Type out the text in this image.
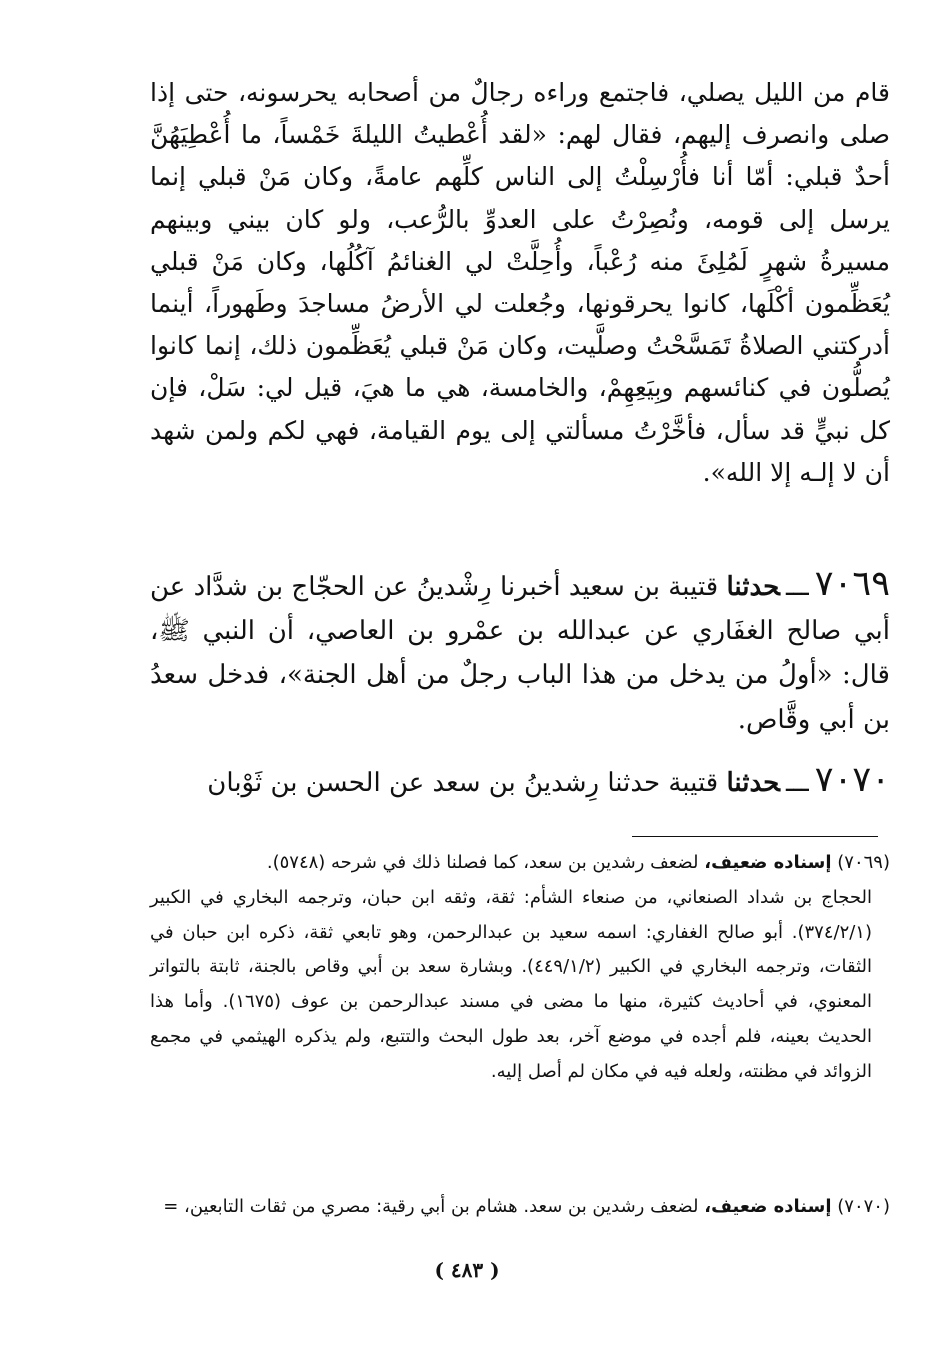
قام من الليل يصلي، فاجتمع وراءه رجالٌ من أصحابه يحرسونه، حتى إذا صلى وانصرف إليهم، فقال لهم: «لقد أُعْطيتُ الليلةَ خَمْساً، ما أُعْطِيَهُنَّ أحدٌ قبلي: أمّا أنا فأُرْسِلْتُ إلى الناس كلِّهم عامةً، وكان مَنْ قبلي إنما يرسل إلى قومه، ونُصِرْتُ على العدوِّ بالرُّعب، ولو كان بيني وبينهم مسيرةُ شهرٍ لَمُلِئَ منه رُعْباً، وأُحِلَّتْ لي الغنائمُ آكُلُها، وكان مَنْ قبلي يُعَظِّمون أكْلَها، كانوا يحرقونها، وجُعلت لي الأرضُ مساجدَ وطَهوراً، أينما أدركتني الصلاةُ تَمَسَّحْتُ وصلَّيت، وكان مَنْ قبلي يُعَظِّمون ذلك، إنما كانوا يُصلُّون في كنائسهم وبِيَعِهِمْ، والخامسة، هي ما هيَ، قيل لي: سَلْ، فإن كل نبيٍّ قد سأل، فأخَّرْتُ مسألتي إلى يوم القيامة، فهي لكم ولمن شهد أن لا إلـه إلا الله».

٧٠٦٩ـــحدثنا قتيبة بن سعيد أخبرنا رِشْدينُ عن الحجّاج بن شدَّاد عن أبي صالح الغفَاري عن عبدالله بن عمْرو بن العاصي، أن النبي ﷺ، قال: «أولُ من يدخل من هذا الباب رجلٌ من أهل الجنة»، فدخل سعدُ بن أبي وقَّاص.

٧٠٧٠ـــحدثنا قتيبة حدثنا رِشدينُ بن سعد عن الحسن بن ثَوْبان

(٧٠٦٩) إسناده ضعيف، لضعف رشدين بن سعد، كما فصلنا ذلك في شرحه (٥٧٤٨).

الحجاج بن شداد الصنعاني، من صنعاء الشأم: ثقة، وثقه ابن حبان، وترجمه البخاري في الكبير (٣٧٤/٢/١). أبو صالح الغفاري: اسمه سعيد بن عبدالرحمن، وهو تابعي ثقة، ذكره ابن حبان في الثقات، وترجمه البخاري في الكبير (٤٤٩/١/٢). وبشارة سعد بن أبي وقاص بالجنة، ثابتة بالتواتر المعنوي، في أحاديث كثيرة، منها ما مضى في مسند عبدالرحمن بن عوف (١٦٧٥). وأما هذا الحديث بعينه، فلم أجده في موضع آخر، بعد طول البحث والتتبع، ولم يذكره الهيثمي في مجمع الزوائد في مظنته، ولعله فيه في مكان لم أصل إليه.

(٧٠٧٠) إسناده ضعيف، لضعف رشدين بن سعد. هشام بن أبي رقية: مصري من ثقات التابعين، =

( ٤٨٣ )
